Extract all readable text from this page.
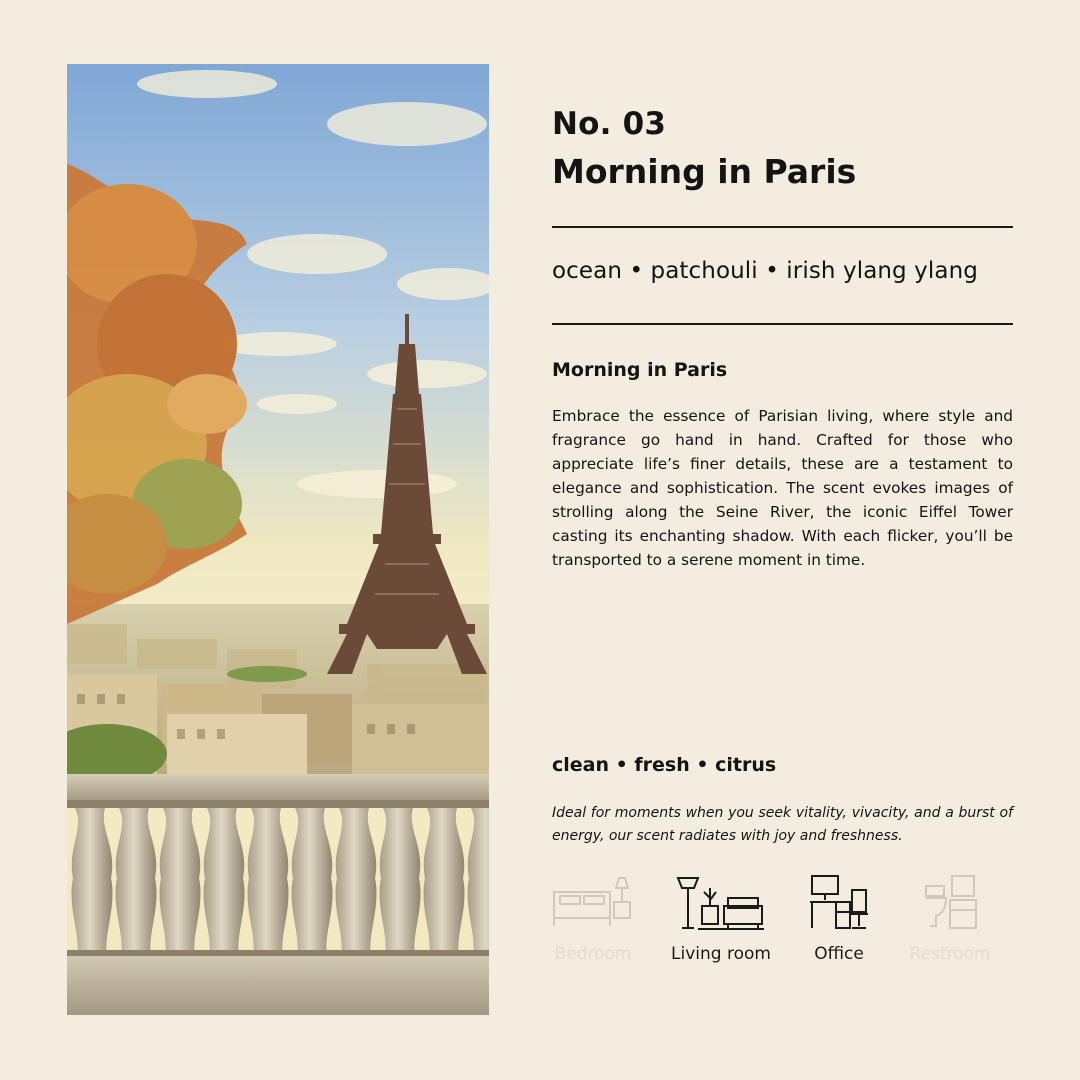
No. 03
Morning in Paris
ocean • patchouli • irish ylang ylang
Morning in Paris

Embrace the essence of Parisian living, where style and fragrance go hand in hand. Crafted for those who appreciate life’s finer details, these are a testament to elegance and sophistication. The scent evokes images of strolling along the Seine River, the iconic Eiffel Tower casting its enchanting shadow. With each flicker, you’ll be transported to a serene moment in time.

clean • fresh • citrus

Ideal for moments when you seek vitality, vivacity, and a burst of energy, our scent radiates with joy and freshness.

Bedroom Living room	Office	Restroom
